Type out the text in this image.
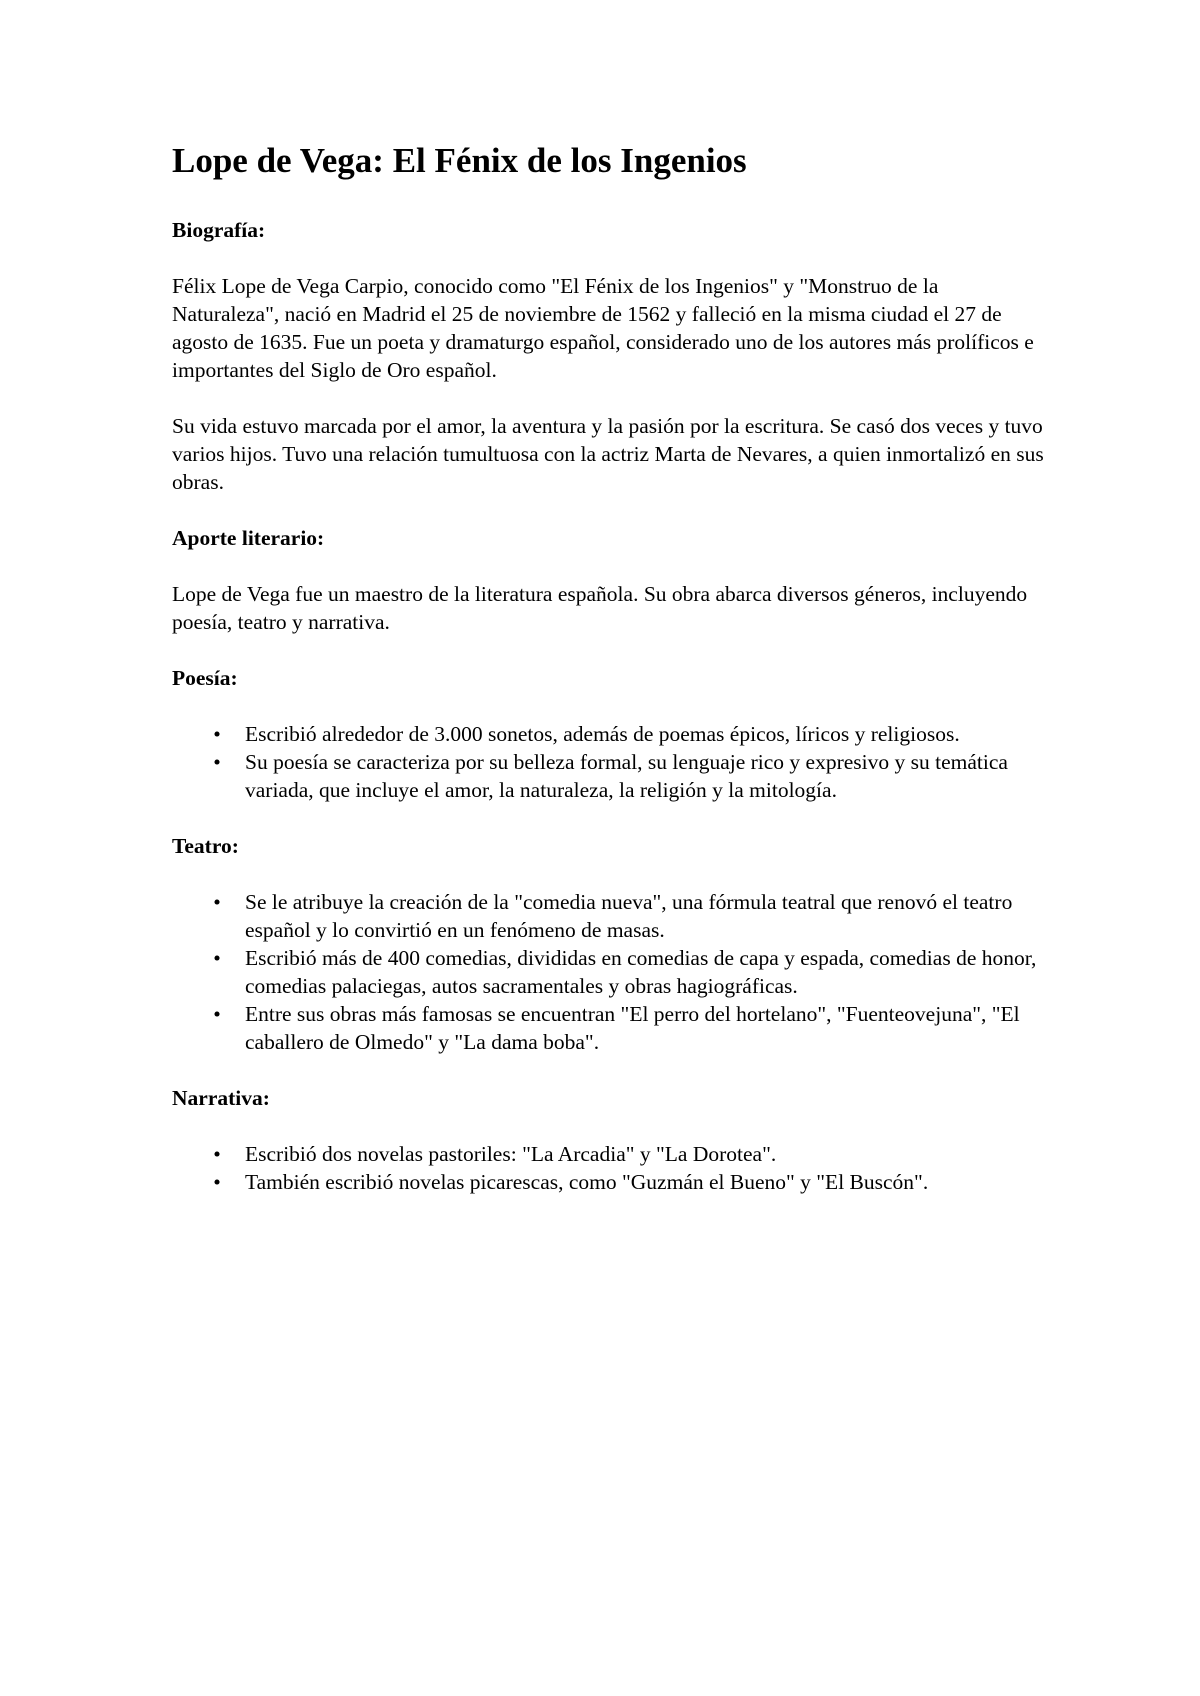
Lope de Vega: El Fénix de los Ingenios
Biografía:

Félix Lope de Vega Carpio, conocido como "El Fénix de los Ingenios" y "Monstruo de la Naturaleza", nació en Madrid el 25 de noviembre de 1562 y falleció en la misma ciudad el 27 de agosto de 1635. Fue un poeta y dramaturgo español, considerado uno de los autores más prolíficos e importantes del Siglo de Oro español.

Su vida estuvo marcada por el amor, la aventura y la pasión por la escritura. Se casó dos veces y tuvo varios hijos. Tuvo una relación tumultuosa con la actriz Marta de Nevares, a quien inmortalizó en sus obras.

Aporte literario:

Lope de Vega fue un maestro de la literatura española. Su obra abarca diversos géneros, incluyendo poesía, teatro y narrativa.

Poesía:
• Escribió alrededor de 3.000 sonetos, además de poemas épicos, líricos y religiosos.
• Su poesía se caracteriza por su belleza formal, su lenguaje rico y expresivo y su temática variada, que incluye el amor, la naturaleza, la religión y la mitología.
Teatro:
• Se le atribuye la creación de la "comedia nueva", una fórmula teatral que renovó el teatro español y lo convirtió en un fenómeno de masas.
• Escribió más de 400 comedias, divididas en comedias de capa y espada, comedias de honor, comedias palaciegas, autos sacramentales y obras hagiográficas.
• Entre sus obras más famosas se encuentran "El perro del hortelano", "Fuenteovejuna", "El caballero de Olmedo" y "La dama boba".
Narrativa:
• Escribió dos novelas pastoriles: "La Arcadia" y "La Dorotea".
• También escribió novelas picarescas, como "Guzmán el Bueno" y "El Buscón".
